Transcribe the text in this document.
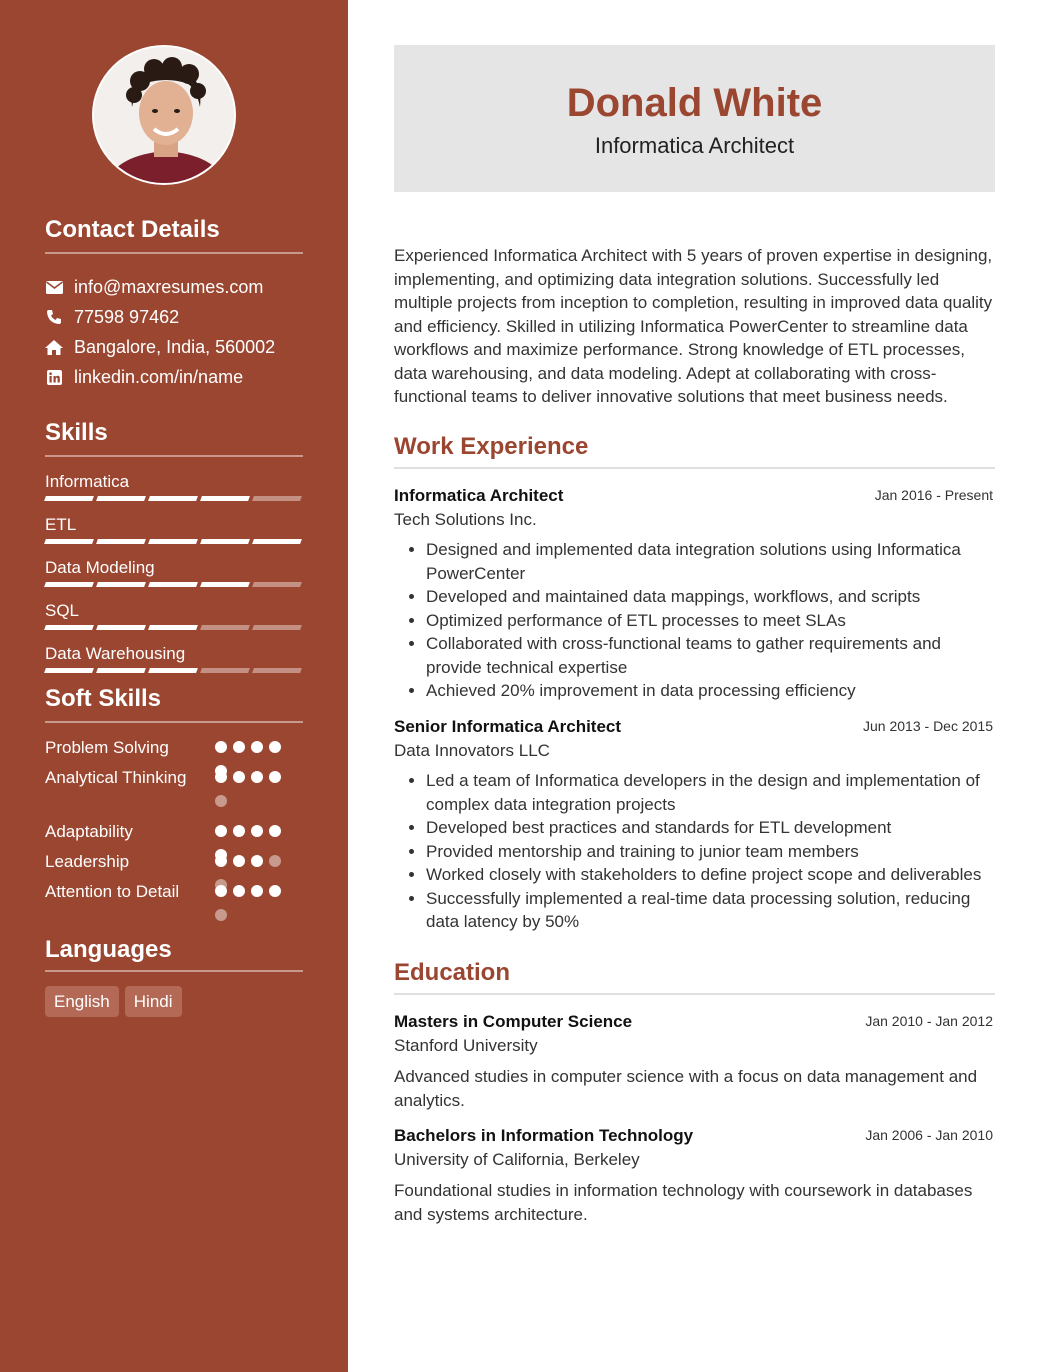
Contact Details
info@maxresumes.com
77598 97462
Bangalore, India, 560002
linkedin.com/in/name
Skills
Informatica
ETL
Data Modeling
SQL
Data Warehousing
Soft Skills
Problem Solving
Analytical Thinking
Adaptability
Leadership
Attention to Detail
Languages
English	Hindi
Donald White
Informatica Architect
Experienced Informatica Architect with 5 years of proven expertise in designing, implementing, and optimizing data integration solutions. Successfully led multiple projects from inception to completion, resulting in improved data quality and efficiency. Skilled in utilizing Informatica PowerCenter to streamline data workflows and maximize performance. Strong knowledge of ETL processes, data warehousing, and data modeling. Adept at collaborating with cross-functional teams to deliver innovative solutions that meet business needs.
Work Experience
Informatica Architect	Jan 2016 - Present
Tech Solutions Inc.
• Designed and implemented data integration solutions using Informatica PowerCenter
• Developed and maintained data mappings, workflows, and scripts
• Optimized performance of ETL processes to meet SLAs
• Collaborated with cross-functional teams to gather requirements and provide technical expertise
• Achieved 20% improvement in data processing efficiency
Senior Informatica Architect	Jun 2013 - Dec 2015
Data Innovators LLC
• Led a team of Informatica developers in the design and implementation of complex data integration projects
• Developed best practices and standards for ETL development
• Provided mentorship and training to junior team members
• Worked closely with stakeholders to define project scope and deliverables
• Successfully implemented a real-time data processing solution, reducing data latency by 50%
Education
Masters in Computer Science	Jan 2010 - Jan 2012
Stanford University
Advanced studies in computer science with a focus on data management and analytics.
Bachelors in Information Technology	Jan 2006 - Jan 2010
University of California, Berkeley
Foundational studies in information technology with coursework in databases and systems architecture.
